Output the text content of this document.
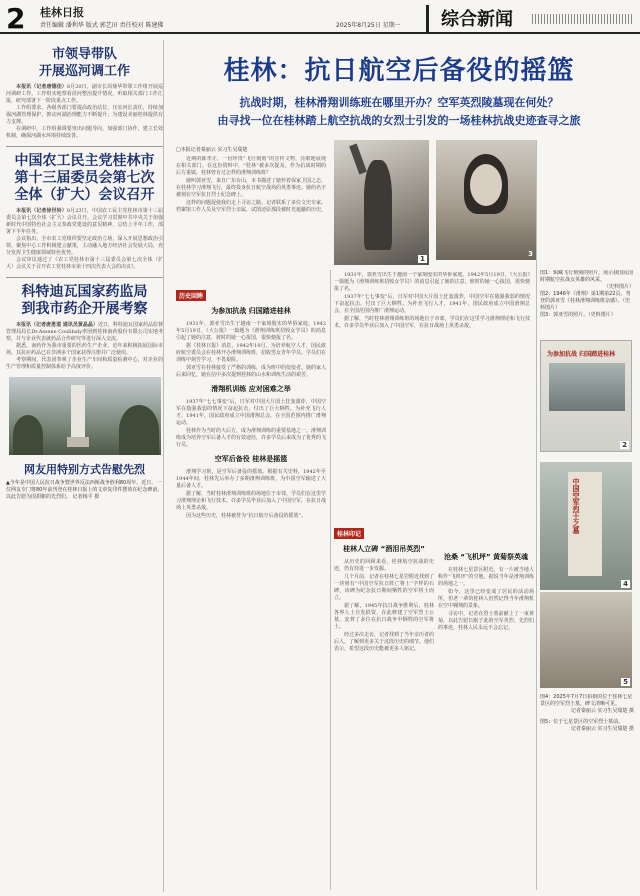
2 桂林日报
责任编辑 潘利华 版式 郭艺田 责任校对 陈建佛	2025年8月25日 星期一	综合新闻
市领导带队
开展巡河调工作

本报讯（记者唐德佳）8月20日，副市长周鼎华带领工作组开展巡河调研工作。工作组实地察看沿河整治提升情况，听取相关部门工作汇报，研究部署下一阶段重点工作。

工作组要求，各级各部门要提高政治站位，压实河长责任，持续加强河湖管理保护，推动河湖治理能力不断提升，为建设美丽桂林提供有力支撑。

在调研中，工作组强调要突出问题导向，加强部门协作，建立长效机制，确保河湖水环境持续改善。

中国农工民主党桂林市
第十三届委员会第七次
全体（扩大）会议召开

本报讯（记者徐世铃）8月23日，中国农工民主党桂林市第十三届委员会第七次全体（扩大）会议召开。会议学习贯彻中共中央关于加强新时代中国特色社会主义参政党建设的意见精神，总结上半年工作，部署下半年任务。

会议指出，全市农工党组织要坚定政治立场，深入开展思想政治引领，聚焦中心工作积极建言献策，主动融入地方经济社会发展大局，充分发挥卫生健康领域特色优势。

会议审议通过了《农工党桂林市第十三届委员会第七次全体（扩大）会议关于召开农工党桂林市第十四次代表大会的决议》。

科特迪瓦国家药监局
到我市药企开展考察

本报讯（记者唐勇道 通讯员黄晶晶）近日，科特迪瓦国家药品监督管理局局长Dr.Assene Coulibaly率团到桂林南药股份有限公司实地考察，并与企业代表就药品合作研究等进行深入交流。

据悉，南药作为我市重要的医药生产企业，近年来积极拓展国际市场，其抗疟药品已在非洲多个国家获得注册并广泛使用。

考察期间，代表团参观了企业生产车间和质量检测中心，对企业的生产管理和质量控制体系给予高度评价。

网友用特别方式告慰先烈
▲今年是中国人民抗日战争暨世界反法西斯战争胜利80周年。近日，一位网友专门将80年前刊登在桂林日报上的文章复印件摆放在纪念碑前，以此告慰为国捐躯的先烈们。 记者杨平 摄
桂林：抗日航空后备役的摇篮
抗战时期，桂林滑翔训练班在哪里开办？空军英烈陵墓现在何处？
由寻找一位在桂林踏上航空抗战的女烈士引发的一场桂林抗战史迹查寻之旅
□本报记者秦丽云 实习生吴瑞楚

近期的陈孝正，一份珍贵“飞行刻刻”的宣传文物，亮眼地展现在相关部门。在这份资料中，“桂林”被多次提及。作为抗战时期的后方重镇，桂林曾有过怎样的滑翔训练班？

她叫郭亚雪，来自广东台山，本书描述了她怀着保家卫国之志，在桂林学习滑翔飞行，最终投身抗日航空战场的英勇事迹。她的名字被刻在空军抗日烈士纪念碑上。

这样的问题促使我们走上寻访之路。记者联系了多位文史专家、档案馆工作人员及空军烈士亲属，试图还原那段被时光遮蔽的历史。

1
3
图1：辑藏飞行刻刻的照片，展示我国民国时期航空抗战女英雄的风采。
（史料图片）
图2：1946年《滑翔》第1期第22页，刊登的郭亚雪《桂林滑翔训练班杂感》。（史料图片）
图3：郭亚雪的照片。（史料图片）
历史回眸
为参加抗战 归国踏进桂林

1931年，郭亚雪出生于越南一个家境殷实的华侨家庭。1942年5月19日，《大公报》一篇题为《滑翔训练班招收女学员》的消息引起了她的注意，彼时的她一心报国，很快便报了名。

据《桂林日报》消息，1942年10月，为培养航空人才，国民政府航空委员会在桂林开办滑翔训练班，招收男女青年学员。学员们在训练中刻苦学习，不畏艰险。

郭亚雪在桂林接受了严格的训练，成为班中的佼佼者。她的家人后来回忆，她在信中多次提到桂林的山水和训练生活的艰苦。

滑翔机训练 应对困难之举

1937年“七七事变”后，日军对中国大片国土狂轰滥炸，中国空军在敌强我弱的情况下奋起抗击，付出了巨大牺牲。为补充飞行人才，1941年，国民政府成立中国滑翔总会，在全国范围内推广滑翔运动。

桂林作为当时的大后方，成为滑翔训练的重要基地之一。滑翔训练成为培养空军后备人才的有效途径，许多学员后来成为了优秀的飞行员。

空军后备役 桂林是摇篮

滑翔学习班，是空军后备役的摇篮。根据有关史料，1942年至1944年间，桂林先后举办了多期滑翔训练班，为中国空军输送了大量后备人才。

据了解，当时桂林滑翔训练班的场地位于市郊，学员们在这里学习滑翔理论和飞行技术。许多学员毕业后加入了中国空军，在抗日战场上英勇杀敌。

因为这些历史，桂林被誉为“抗日航空后备役的摇篮”。

1931年，郭亚雪出生于越南一个家境殷实的华侨家庭。1942年5月19日，《大公报》一篇题为《滑翔训练班招收女学员》的消息引起了她的注意，彼时的她一心报国，很快便报了名。

1937年“七七事变”后，日军对中国大片国土狂轰滥炸，中国空军在敌强我弱的情况下奋起抗击，付出了巨大牺牲。为补充飞行人才，1941年，国民政府成立中国滑翔总会，在全国范围内推广滑翔运动。

据了解，当时桂林滑翔训练班的场地位于市郊，学员们在这里学习滑翔理论和飞行技术。许多学员毕业后加入了中国空军，在抗日战场上英勇杀敌。

桂林印记
桂林人立碑 “酒泪吊英烈”

从历史的回顾来看，桂林航空抗战的史迹，仍有待进一步发掘。

几个月前，记者在桂林七星岩附近找到了一块刻有“中国空军抗日阵亡将士”字样的石碑，该碑为纪念抗日期间牺牲的空军将士而立。

据了解，1945年抗日战争胜利后，桂林各界人士自发捐资，在此修建了空军烈士公墓，安葬了多位在抗日战争中牺牲的空军将士。

经过多次走访，记者找到了当年亲历者的后人，了解到更多关于这段历史的细节。他们表示，希望这段历史能被更多人铭记。

沧桑 “飞机坪” 黄菊祭英魂

在桂林七星景区附近，有一片被当地人称作“飞机坪”的空地，据说当年是滑翔训练的场地之一。

如今，这里已经变成了居民的活动场所，但老一辈的桂林人仍然记得当年滑翔机在空中翱翔的景象。

寻访中，记者在烈士墓前献上了一束黄菊，以此告慰长眠于此的空军英烈。先烈们的事迹，桂林人民永远不会忘记。

为参加抗战 归国踏进桂林
2
中国空军烈士之墓
4
5
图4：2025年7月7日拍摄的位于桂林七星景区的空军烈士墓，碑文清晰可见。
记者秦丽云 实习生吴瑞楚 摄
图5：位于七星景区的空军烈士墓前。
记者秦丽云 实习生吴瑞楚 摄
